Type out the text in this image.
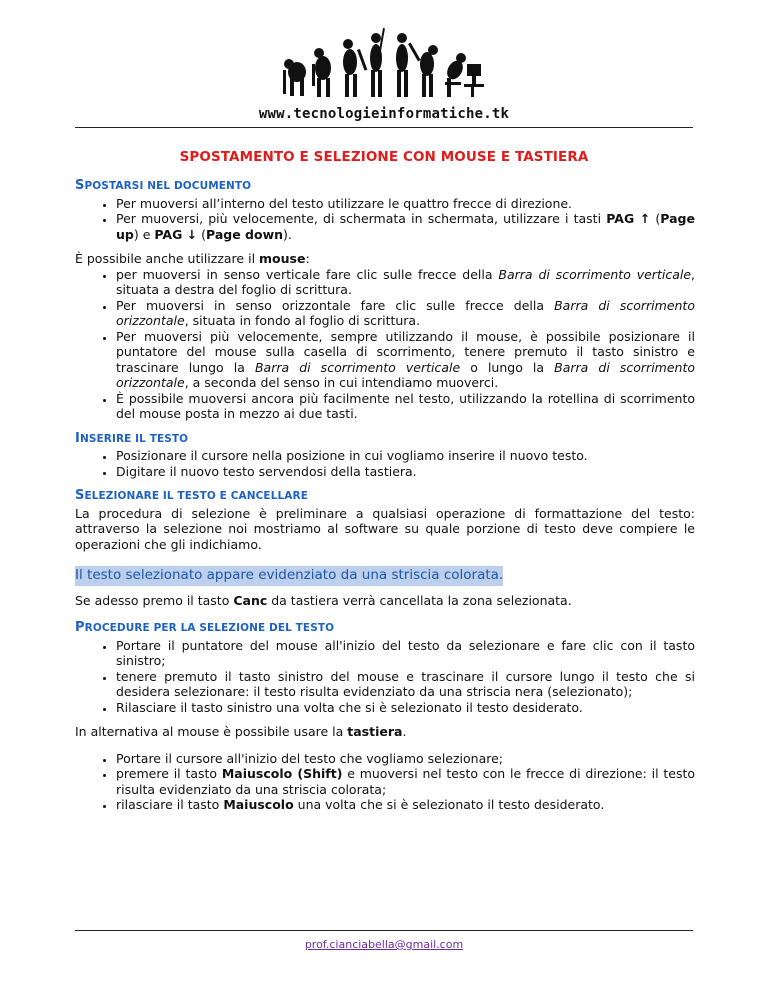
www.tecnologieinformatiche.tk
SPOSTAMENTO E SELEZIONE CON MOUSE E TASTIERA
SPOSTARSI NEL DOCUMENTO
• Per muoversi all’interno del testo utilizzare le quattro frecce di direzione.
• Per muoversi, più velocemente, di schermata in schermata, utilizzare i tasti PAG ↑ (Page up) e PAG ↓ (Page down).

È possibile anche utilizzare il mouse:

• per muoversi in senso verticale fare clic sulle frecce della Barra di scorrimento verticale, situata a destra del foglio di scrittura.
• Per muoversi in senso orizzontale fare clic sulle frecce della Barra di scorrimento orizzontale, situata in fondo al foglio di scrittura.
• Per muoversi più velocemente, sempre utilizzando il mouse, è possibile posizionare il puntatore del mouse sulla casella di scorrimento, tenere premuto il tasto sinistro e trascinare lungo la Barra di scorrimento verticale o lungo la Barra di scorrimento orizzontale, a seconda del senso in cui intendiamo muoverci.
• È possibile muoversi ancora più facilmente nel testo, utilizzando la rotellina di scorrimento del mouse posta in mezzo ai due tasti.
INSERIRE IL TESTO
• Posizionare il cursore nella posizione in cui vogliamo inserire il nuovo testo.
• Digitare il nuovo testo servendosi della tastiera.
SELEZIONARE IL TESTO E CANCELLARE

La procedura di selezione è preliminare a qualsiasi operazione di formattazione del testo: attraverso la selezione noi mostriamo al software su quale porzione di testo deve compiere le operazioni che gli indichiamo.

Il testo selezionato appare evidenziato da una striscia colorata.

Se adesso premo il tasto Canc da tastiera verrà cancellata la zona selezionata.

PROCEDURE PER LA SELEZIONE DEL TESTO
• Portare il puntatore del mouse all'inizio del testo da selezionare e fare clic con il tasto sinistro;
• tenere premuto il tasto sinistro del mouse e trascinare il cursore lungo il testo che si desidera selezionare: il testo risulta evidenziato da una striscia nera (selezionato);
• Rilasciare il tasto sinistro una volta che si è selezionato il testo desiderato.

In alternativa al mouse è possibile usare la tastiera.

• Portare il cursore all'inizio del testo che vogliamo selezionare;
• premere il tasto Maiuscolo (Shift) e muoversi nel testo con le frecce di direzione: il testo risulta evidenziato da una striscia colorata;
• rilasciare il tasto Maiuscolo una volta che si è selezionato il testo desiderato.
prof.cianciabella@gmail.com
